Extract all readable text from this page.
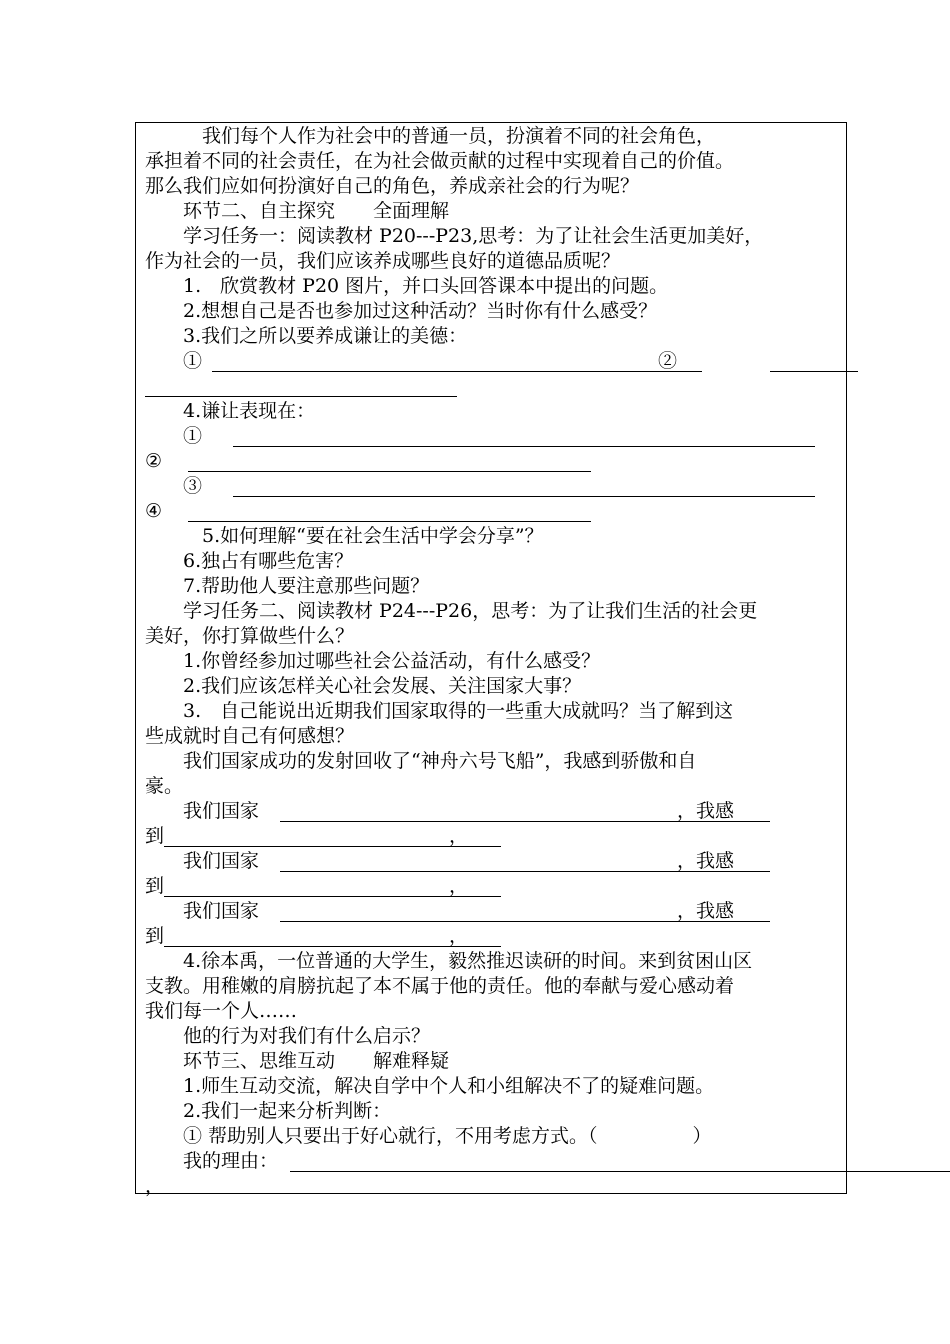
　　　我们每个人作为社会中的普通一员，扮演着不同的社会角色，
承担着不同的社会责任，在为社会做贡献的过程中实现着自己的价值。
那么我们应如何扮演好自己的角色，养成亲社会的行为呢？
　　环节二、自主探究　　全面理解
　　学习任务一：阅读教材 P20---P23,思考：为了让社会生活更加美好，
作为社会的一员，我们应该养成哪些良好的道德品质呢？
　　1.　欣赏教材 P20 图片，并口头回答课本中提出的问题。
　　2.想想自己是否也参加过这种活动？当时你有什么感受？
　　3.我们之所以要养成谦让的美德：
　　①　　　　　　　　　　　　　　　　　　　　　　　　②
　　4.谦让表现在：
　　①
②
　　③
④
　　　5.如何理解“要在社会生活中学会分享”？
　　6.独占有哪些危害？
　　7.帮助他人要注意那些问题？
　　学习任务二、阅读教材 P24---P26，思考：为了让我们生活的社会更
美好，你打算做些什么？
　　1.你曾经参加过哪些社会公益活动，有什么感受？
　　2.我们应该怎样关心社会发展、关注国家大事？
　　3.　自己能说出近期我们国家取得的一些重大成就吗？当了解到这
些成就时自己有何感想？
　　我们国家成功的发射回收了“神舟六号飞船”，我感到骄傲和自
豪。
　　我们国家　　　　　　　　　　　　　　　　　　　　　　，我感
到　　　　　　　　　　　　　　　，
　　我们国家　　　　　　　　　　　　　　　　　　　　　　，我感
到　　　　　　　　　　　　　　　，
　　我们国家　　　　　　　　　　　　　　　　　　　　　　，我感
到　　　　　　　　　　　　　　　，
　　4.徐本禹，一位普通的大学生，毅然推迟读研的时间。来到贫困山区
支教。用稚嫩的肩膀抗起了本不属于他的责任。他的奉献与爱心感动着
我们每一个人……
　　他的行为对我们有什么启示？
　　环节三、思维互动　　解难释疑
　　1.师生互动交流，解决自学中个人和小组解决不了的疑难问题。
　　2.我们一起来分析判断：
　　① 帮助别人只要出于好心就行，不用考虑方式。（　　　　　）
　　我的理由：
，
